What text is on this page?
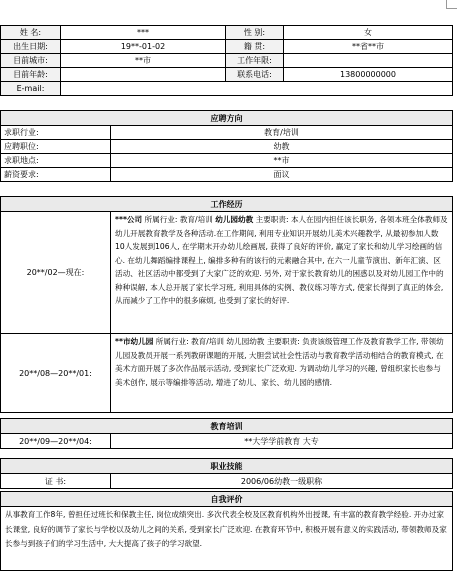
姓 名:	***	性 别:	女
出生日期:	19**-01-02	籍 贯:	**省**市
目前城市:	**市	工作年限:	
目前年龄:		联系电话:	13800000000
E-mail:			
应聘方向	
求职行业:	教育/培训
应聘职位:	幼教
求职地点:	**市
薪资要求:	面议
工作经历	
20**/02—现在:	***公司 所属行业: 教育/培训 幼儿园幼教 主要职责: 本人在园内担任该长职务, 各领本班全体教师及幼儿开展教育教学及各种活动.在工作期间, 利用专业知识开展幼儿美术兴趣教学, 从最初参加人数10人发展到106人, 在学期末开办幼儿绘画展, 获得了良好的评价, 赢定了家长和幼儿学习绘画的信心. 在幼儿舞蹈编排课程上, 编排多种有的该行的元素融合其中, 在六一儿童节演出、新年汇演、区活动、社区活动中都受到了大家广泛的欢迎. 另外, 对于家长教育幼儿的困惑以及对幼儿园工作中的种种误解, 本人总开展了家长学习班, 利用具体的实例、教仪练习等方式, 使家长得到了真正的体会, 从而减少了工作中的很多麻烦, 也受到了家长的好评.
20**/08—20**/01:	**市幼儿园 所属行业: 教育/培训 幼儿园幼教 主要职责: 负责该级管理工作及教育教学工作, 带领幼儿园及教员开展一系列教研课题的开展, 大胆尝试社会性活动与教育教学活动相结合的教育模式, 在美术方面开展了多次作品展示活动, 受到家长广泛欢迎. 为调动幼儿学习的兴趣, 曾组织家长也参与美术创作, 展示等编排等活动, 增进了幼儿、家长、幼儿园的感情.
教育培训
20**/09—20**/04:	**大学学前教育 大专
职业技能
证 书:	2006/06幼教一级职称
自我评价
从事教育工作8年, 曾担任过班长和保教主任, 岗位成绩突出. 多次代表全校及区教育机构外出授课, 有丰富的教育教学经验. 开办过家长课堂, 良好的调节了家长与学校以及幼儿之间的关系, 受到家长广泛欢迎. 在教育环节中, 积极开展有意义的实践活动, 带领教师及家长参与到孩子们的学习生活中, 大大提高了孩子的学习欲望.
